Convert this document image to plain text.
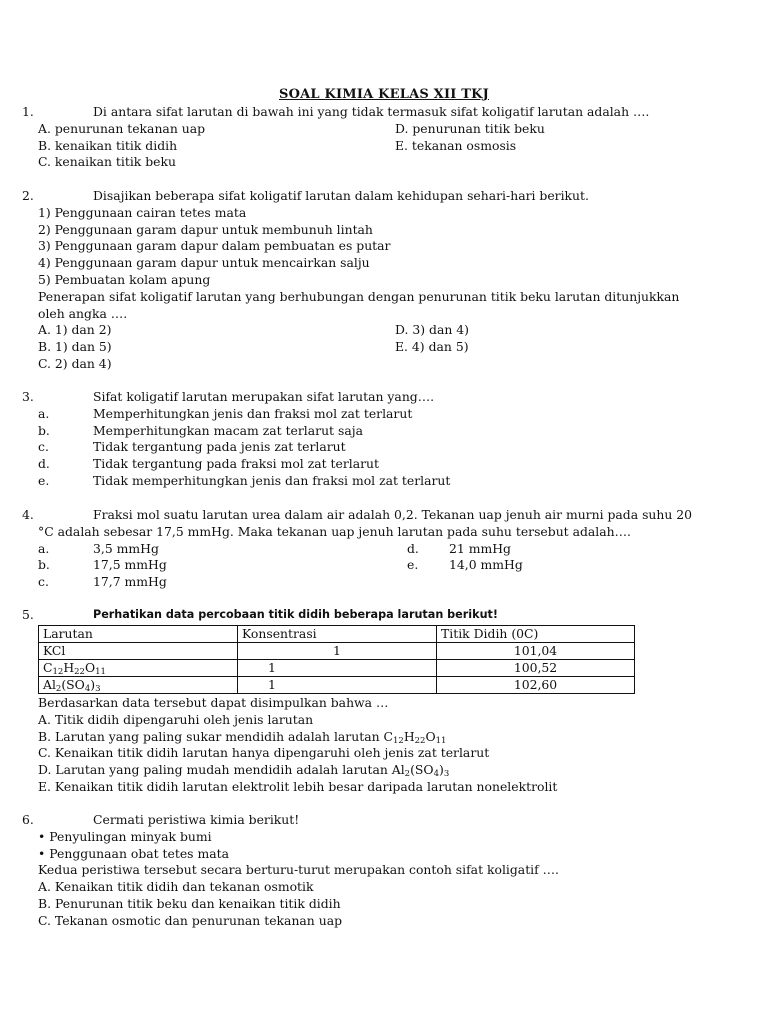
SOAL KIMIA KELAS XII TKJ
1.	Di antara sifat larutan di bawah ini yang tidak termasuk sifat koligatif larutan adalah ….
A. penurunan tekanan uap	D. penurunan titik beku
B. kenaikan titik didih	E. tekanan osmosis
C. kenaikan titik beku
2.	Disajikan beberapa sifat koligatif larutan dalam kehidupan sehari-hari berikut.
1) Penggunaan cairan tetes mata
2) Penggunaan garam dapur untuk membunuh lintah
3) Penggunaan garam dapur dalam pembuatan es putar
4) Penggunaan garam dapur untuk mencairkan salju
5) Pembuatan kolam apung
Penerapan sifat koligatif larutan yang berhubungan dengan penurunan titik beku larutan ditunjukkan
oleh angka ….
A. 1) dan 2)	D. 3) dan 4)
B. 1) dan 5)	E. 4) dan 5)
C. 2) dan 4)
3.	Sifat koligatif larutan merupakan sifat larutan yang….
a.	Memperhitungkan jenis dan fraksi mol zat terlarut
b.	Memperhitungkan macam zat terlarut saja
c.	Tidak tergantung pada jenis zat terlarut
d.	Tidak tergantung pada fraksi mol zat terlarut
e.	Tidak memperhitungkan jenis dan fraksi mol zat terlarut
4.	Fraksi mol suatu larutan urea dalam air adalah 0,2. Tekanan uap jenuh air murni pada suhu 20
°C adalah sebesar 17,5 mmHg. Maka tekanan uap jenuh larutan pada suhu tersebut adalah….
a.	3,5 mmHg	d. 21 mmHg
b.	17,5 mmHg	e. 14,0 mmHg
c.	17,7 mmHg
5.	Perhatikan data percobaan titik didih beberapa larutan berikut!
Larutan	Konsentrasi	Titik Didih (0C)
KCl	1	101,04
$C_{12}H_{22}O_{11}$	1	100,52
$Al_2(SO_4)_3$	1	102,60
Berdasarkan data tersebut dapat disimpulkan bahwa …
A. Titik didih dipengaruhi oleh jenis larutan
B. Larutan yang paling sukar mendidih adalah larutan $C_{12}H_{22}O_{11}$
C. Kenaikan titik didih larutan hanya dipengaruhi oleh jenis zat terlarut
D. Larutan yang paling mudah mendidih adalah larutan $Al_2(SO_4)_3$
E. Kenaikan titik didih larutan elektrolit lebih besar daripada larutan nonelektrolit
6.	Cermati peristiwa kimia berikut!
• Penyulingan minyak bumi
• Penggunaan obat tetes mata
Kedua peristiwa tersebut secara berturu-turut merupakan contoh sifat koligatif ….
A. Kenaikan titik didih dan tekanan osmotik
B. Penurunan titik beku dan kenaikan titik didih
C. Tekanan osmotic dan penurunan tekanan uap
